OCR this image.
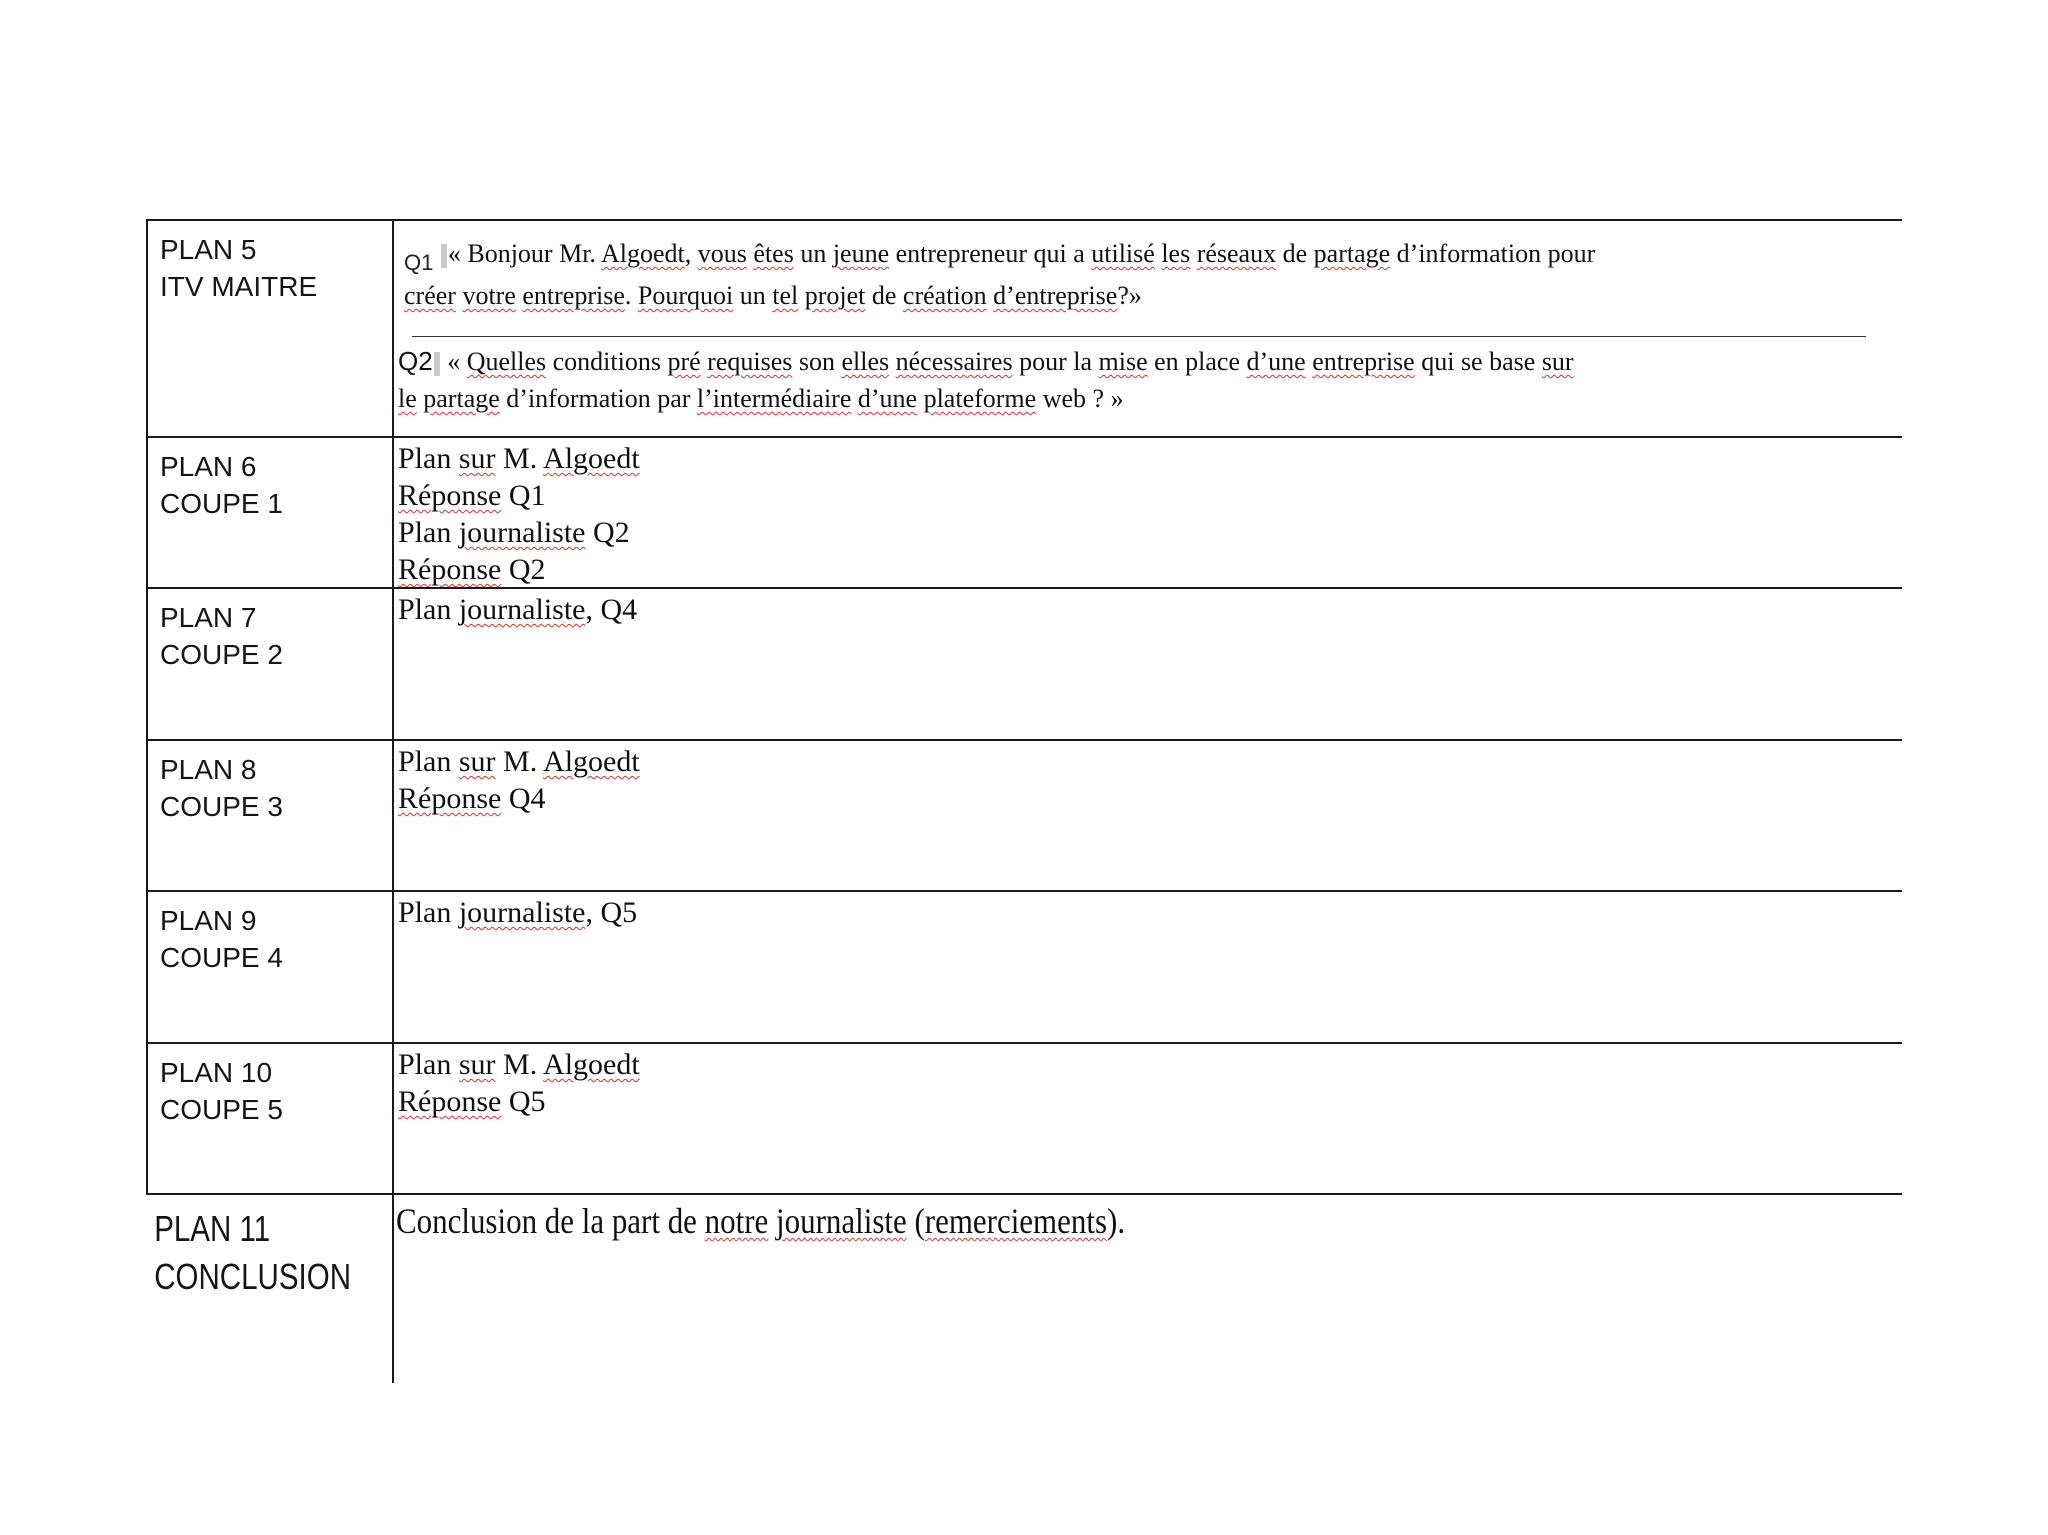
PLAN 5
ITV MAITRE
$_{Q1}$ « Bonjour Mr. Algoedt, vous êtes un jeune entrepreneur qui a utilisé les réseaux de partage d’information pour
créer votre entreprise. Pourquoi un tel projet de création d’entreprise?»
Q2 « Quelles conditions pré requises son elles nécessaires pour la mise en place d’une entreprise qui se base sur
le partage d’information par l’intermédiaire d’une plateforme web ? »
PLAN 6
COUPE 1
Plan sur M. Algoedt
Réponse Q1
Plan journaliste Q2
Réponse Q2
PLAN 7
COUPE 2
Plan journaliste, Q4
PLAN 8
COUPE 3
Plan sur M. Algoedt
Réponse Q4
PLAN 9
COUPE 4
Plan journaliste, Q5
PLAN 10
COUPE 5
Plan sur M. Algoedt
Réponse Q5
PLAN 11
CONCLUSION
Conclusion de la part de notre journaliste (remerciements).
